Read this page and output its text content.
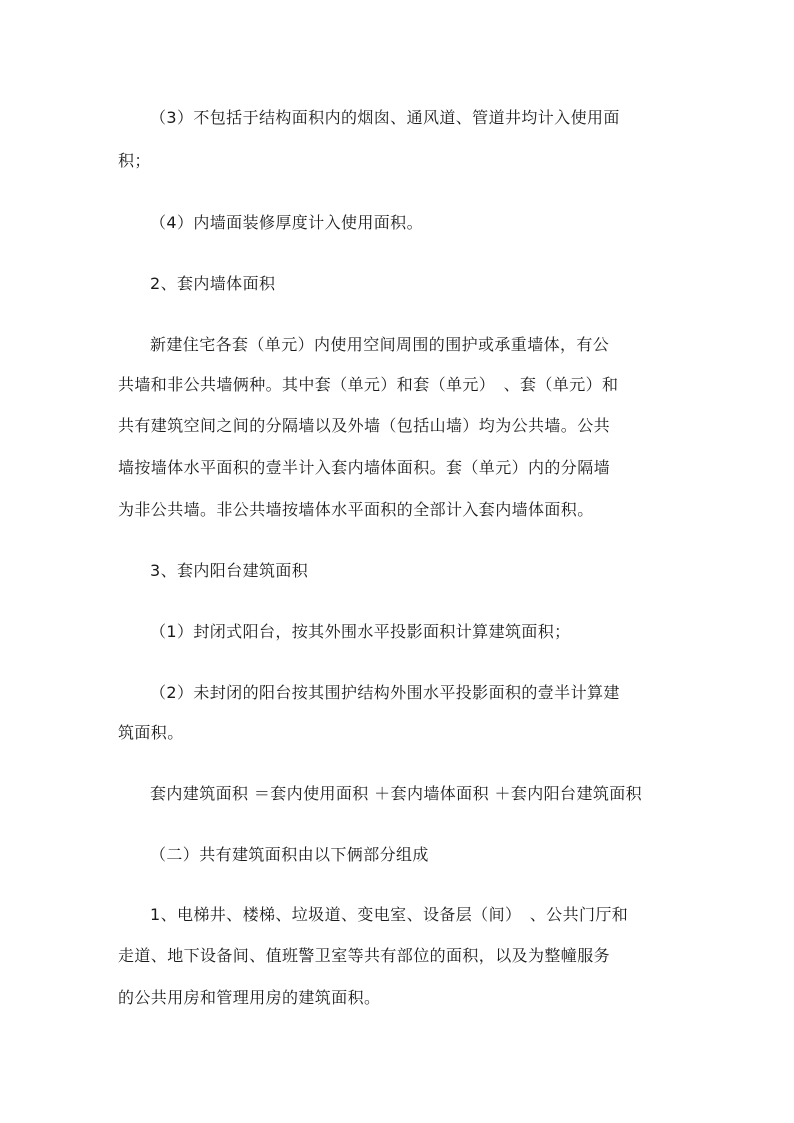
（3）不包括于结构面积内的烟囱、通风道、管道井均计入使用面
积；
（4）内墙面装修厚度计入使用面积。
2、套内墙体面积
新建住宅各套（单元）内使用空间周围的围护或承重墙体，有公
共墙和非公共墙俩种。其中套（单元）和套（单元）　、套（单元）和
共有建筑空间之间的分隔墙以及外墙（包括山墙）均为公共墙。公共
墙按墙体水平面积的壹半计入套内墙体面积。套（单元）内的分隔墙
为非公共墙。非公共墙按墙体水平面积的全部计入套内墙体面积。
3、套内阳台建筑面积
（1）封闭式阳台，按其外围水平投影面积计算建筑面积；
（2）未封闭的阳台按其围护结构外围水平投影面积的壹半计算建
筑面积。
套内建筑面积 ＝套内使用面积 ＋套内墙体面积 ＋套内阳台建筑面积
（二）共有建筑面积由以下俩部分组成
1、电梯井、楼梯、垃圾道、变电室、设备层（间）　、公共门厅和
走道、地下设备间、值班警卫室等共有部位的面积，以及为整幢服务
的公共用房和管理用房的建筑面积。
